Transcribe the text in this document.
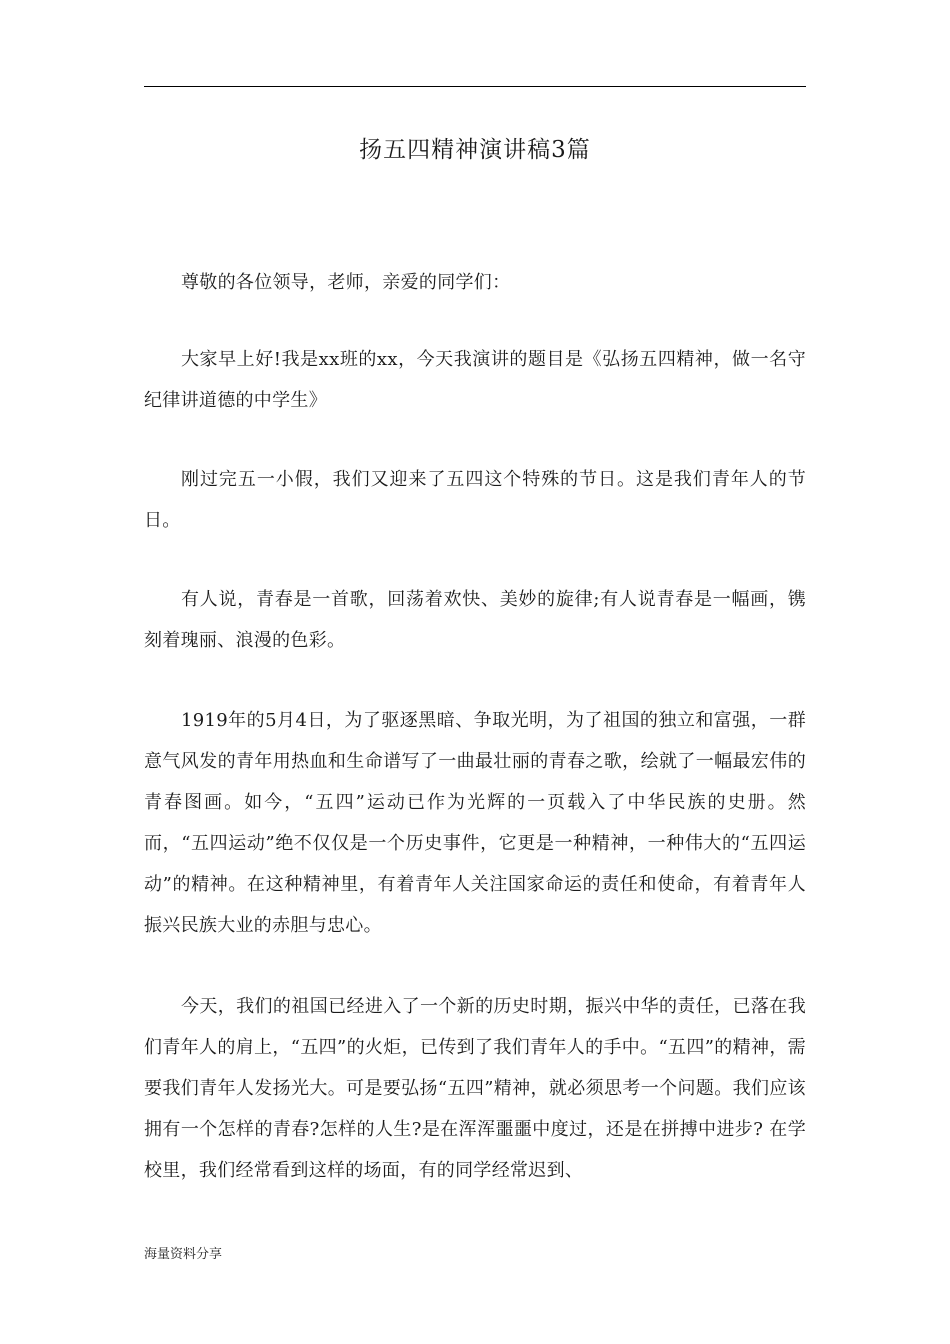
扬五四精神演讲稿3篇

尊敬的各位领导，老师，亲爱的同学们：

大家早上好!我是xx班的xx，今天我演讲的题目是《弘扬五四精神，做一名守纪律讲道德的中学生》

刚过完五一小假，我们又迎来了五四这个特殊的节日。这是我们青年人的节日。

有人说，青春是一首歌，回荡着欢快、美妙的旋律;有人说青春是一幅画，镌刻着瑰丽、浪漫的色彩。

1919年的5月4日，为了驱逐黑暗、争取光明，为了祖国的独立和富强，一群意气风发的青年用热血和生命谱写了一曲最壮丽的青春之歌，绘就了一幅最宏伟的青春图画。如今，“五四”运动已作为光辉的一页载入了中华民族的史册。然而，“五四运动”绝不仅仅是一个历史事件，它更是一种精神，一种伟大的“五四运动”的精神。在这种精神里，有着青年人关注国家命运的责任和使命，有着青年人振兴民族大业的赤胆与忠心。

今天，我们的祖国已经进入了一个新的历史时期，振兴中华的责任，已落在我们青年人的肩上，“五四”的火炬，已传到了我们青年人的手中。“五四”的精神，需要我们青年人发扬光大。可是要弘扬“五四”精神，就必须思考一个问题。我们应该拥有一个怎样的青春?怎样的人生?是在浑浑噩噩中度过，还是在拼搏中进步? 在学校里，我们经常看到这样的场面，有的同学经常迟到、

海量资料分享
